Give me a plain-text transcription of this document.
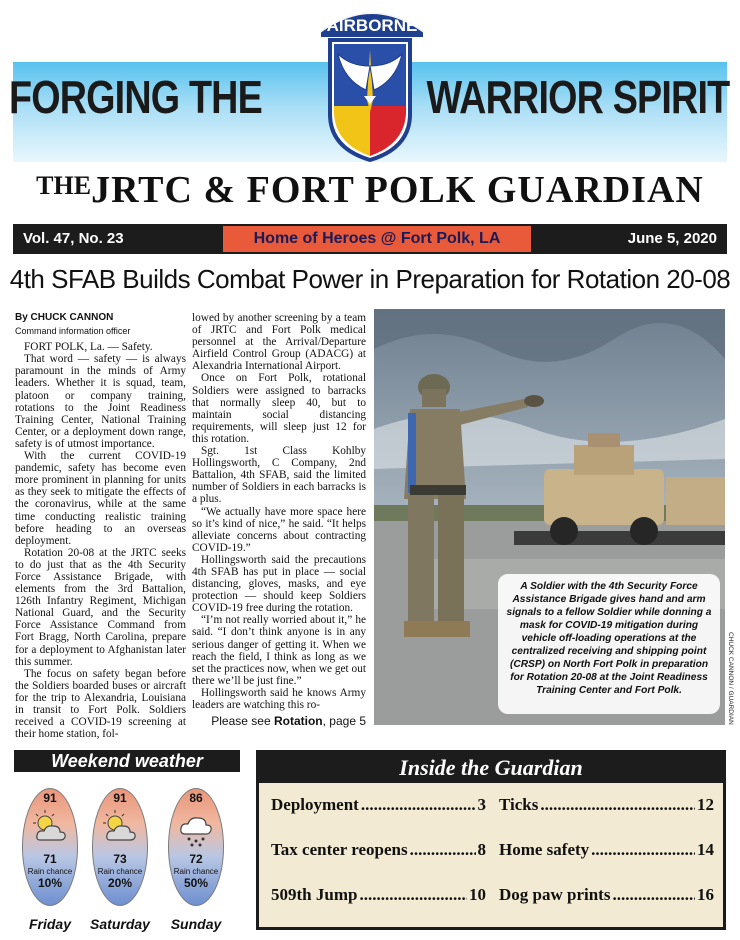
FORGING THE	WARRIOR SPIRIT
AIRBORNE
$^{THE}$JRTC & FORT POLK GUARDIAN
Vol. 47, No. 23	Home of Heroes @ Fort Polk, LA	June 5, 2020
4th SFAB Builds Combat Power in Preparation for Rotation 20-08
By CHUCK CANNON
Command information officer

FORT POLK, La. — Safety.

That word — safety — is always paramount in the minds of Army leaders. Whether it is squad, team, platoon or company training, rotations to the Joint Readiness Training Center, National Training Center, or a deployment down range, safety is of utmost importance.

With the current COVID-19 pandemic, safety has become even more prominent in planning for units as they seek to mitigate the effects of the coronavirus, while at the same time conducting realistic training before heading to an overseas deployment.

Rotation 20-08 at the JRTC seeks to do just that as the 4th Security Force Assistance Brigade, with elements from the 3rd Battalion, 126th Infantry Regiment, Michigan National Guard, and the Security Force Assistance Command from Fort Bragg, North Carolina, prepare for a deployment to Afghanistan later this summer.

The focus on safety began before the Soldiers boarded buses or aircraft for the trip to Alexandria, Louisiana in transit to Fort Polk. Soldiers received a COVID-19 screening at their home station, fol-

lowed by another screening by a team of JRTC and Fort Polk medical personnel at the Arrival/Departure Airfield Control Group (ADACG) at Alexandria International Airport.

Once on Fort Polk, rotational Soldiers were assigned to barracks that normally sleep 40, but to maintain social distancing requirements, will sleep just 12 for this rotation.

Sgt. 1st Class Kohlby Hollingsworth, C Company, 2nd Battalion, 4th SFAB, said the limited number of Soldiers in each barracks is a plus.

“We actually have more space here so it’s kind of nice,” he said. “It helps alleviate concerns about contracting COVID-19.”

Hollingsworth said the precautions 4th SFAB has put in place — social distancing, gloves, masks, and eye protection — should keep Soldiers COVID-19 free during the rotation.

“I’m not really worried about it,” he said. “I don’t think anyone is in any serious danger of getting it. When we reach the field, I think as long as we set the practices now, when we get out there we’ll be just fine.”

Hollingsworth said he knows Army leaders are watching this ro-

Please see Rotation, page 5
A Soldier with the 4th Security Force Assistance Brigade gives hand and arm signals to a fellow Soldier while donning a mask for COVID-19 mitigation during vehicle off-loading operations at the centralized receiving and shipping point (CRSP) on North Fort Polk in preparation for Rotation 20-08 at the Joint Readiness Training Center and Fort Polk.	CHUCK CANNON / GUARDIAN
Weekend weather
91
71
Rain chance
10%
Friday
91
73
Rain chance
20%
Saturday
86
72
Rain chance
50%
Sunday
Inside the Guardian
Deployment .....	3 Ticks .....	12
Tax center reopens .....	8 Home safety .....	14
509th Jump .....	10 Dog paw prints .....	16
